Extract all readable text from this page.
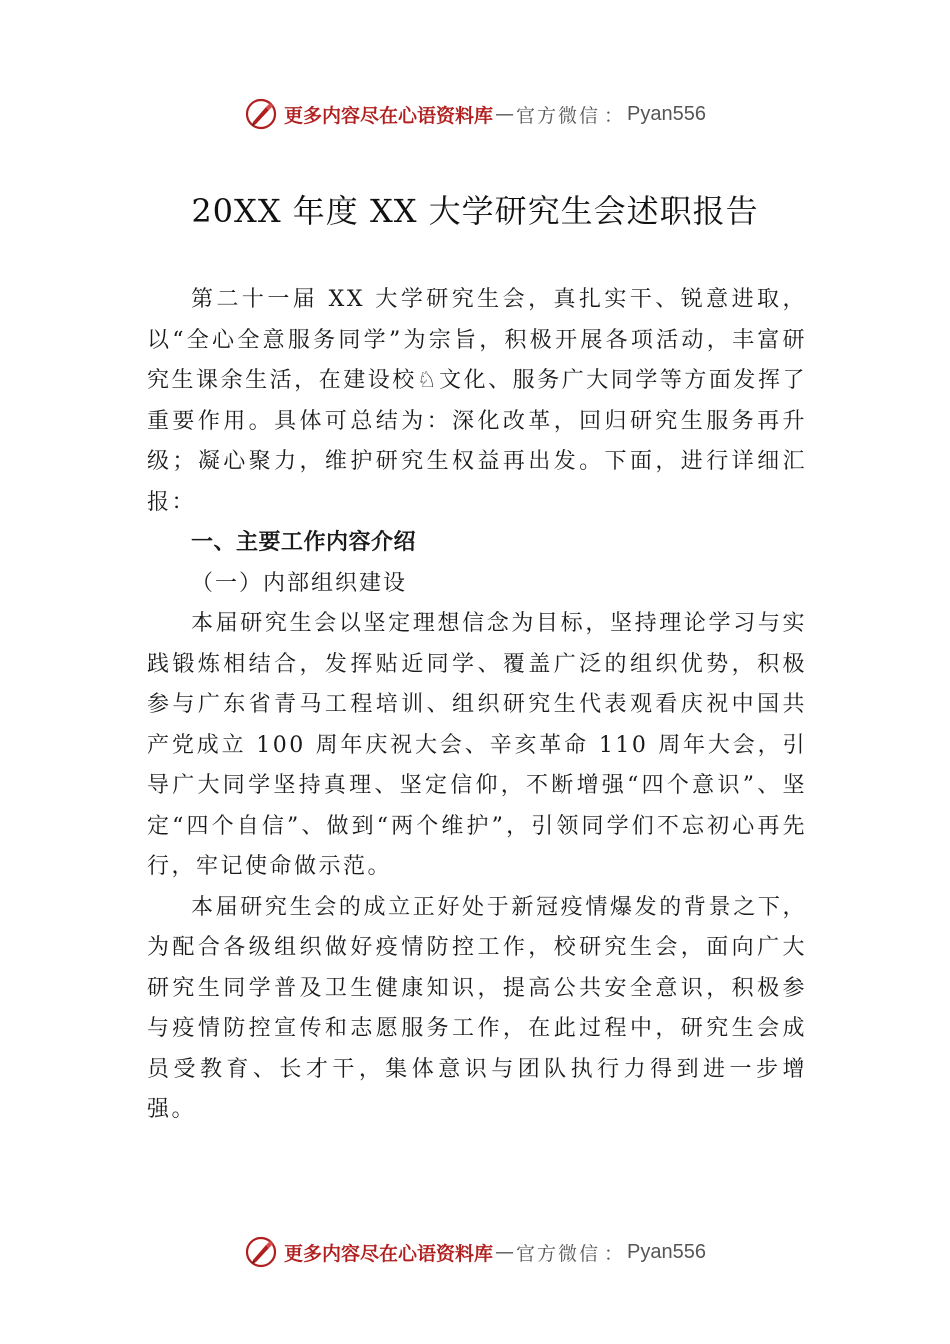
更多内容尽在心语资料库 — 官方微信 ： Pyan556
20XX 年度 XX 大学研究生会述职报告

第二十一届 XX 大学研究生会，真扎实干、锐意进取，以“全心全意服务同学”为宗旨，积极开展各项活动，丰富研究生课余生活，在建设校♘文化、服务广大同学等方面发挥了重要作用。具体可总结为：深化改革，回归研究生服务再升级；凝心聚力，维护研究生权益再出发。下面，进行详细汇报：

一、主要工作内容介绍

（一）内部组织建设

本届研究生会以坚定理想信念为目标，坚持理论学习与实践锻炼相结合，发挥贴近同学、覆盖广泛的组织优势，积极参与广东省青马工程培训、组织研究生代表观看庆祝中国共产党成立 100 周年庆祝大会、辛亥革命 110 周年大会，引导广大同学坚持真理、坚定信仰，不断增强“四个意识”、坚定“四个自信”、做到“两个维护”，引领同学们不忘初心再先行，牢记使命做示范。

本届研究生会的成立正好处于新冠疫情爆发的背景之下，为配合各级组织做好疫情防控工作，校研究生会，面向广大研究生同学普及卫生健康知识，提高公共安全意识，积极参与疫情防控宣传和志愿服务工作，在此过程中，研究生会成员受教育、长才干，集体意识与团队执行力得到进一步增强。

更多内容尽在心语资料库 — 官方微信 ： Pyan556
